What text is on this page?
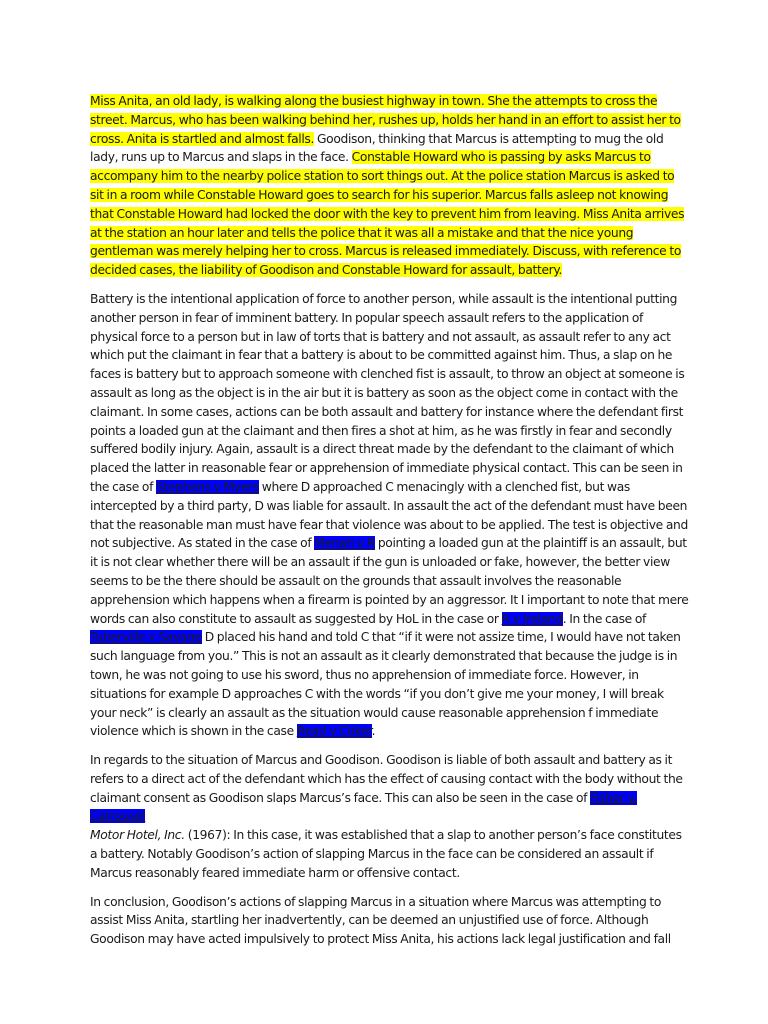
Miss Anita, an old lady, is walking along the busiest highway in town. She the attempts to cross the street. Marcus, who has been walking behind her, rushes up, holds her hand in an effort to assist her to cross. Anita is startled and almost falls. Goodison, thinking that Marcus is attempting to mug the old lady, runs up to Marcus and slaps in the face. Constable Howard who is passing by asks Marcus to accompany him to the nearby police station to sort things out. At the police station Marcus is asked to sit in a room while Constable Howard goes to search for his superior. Marcus falls asleep not knowing that Constable Howard had locked the door with the key to prevent him from leaving. Miss Anita arrives at the station an hour later and tells the police that it was all a mistake and that the nice young gentleman was merely helping her to cross. Marcus is released immediately. Discuss, with reference to decided cases, the liability of Goodison and Constable Howard for assault, battery.

Battery is the intentional application of force to another person, while assault is the intentional putting another person in fear of imminent battery. In popular speech assault refers to the application of physical force to a person but in law of torts that is battery and not assault, as assault refer to any act which put the claimant in fear that a battery is about to be committed against him. Thus, a slap on he faces is battery but to approach someone with clenched fist is assault, to throw an object at someone is assault as long as the object is in the air but it is battery as soon as the object come in contact with the claimant. In some cases, actions can be both assault and battery for instance where the defendant first points a loaded gun at the claimant and then fires a shot at him, as he was firstly in fear and secondly suffered bodily injury. Again, assault is a direct threat made by the defendant to the claimant of which placed the latter in reasonable fear or apprehension of immediate physical contact. This can be seen in the case of Stephens v Myers where D approached C menacingly with a clenched fist, but was intercepted by a third party, D was liable for assault. In assault the act of the defendant must have been that the reasonable man must have fear that violence was about to be applied. The test is objective and not subjective. As stated in the case of Menah v R pointing a loaded gun at the plaintiff is an assault, but it is not clear whether there will be an assault if the gun is unloaded or fake, however, the better view seems to be the there should be assault on the grounds that assault involves the reasonable apprehension which happens when a firearm is pointed by an aggressor. It I important to note that mere words can also constitute to assault as suggested by HoL in the case or R v Ireland. In the case of Tuberville v Savage D placed his hand and told C that “if it were not assize time, I would have not taken such language from you.” This is not an assault as it clearly demonstrated that because the judge is in town, he was not going to use his sword, thus no apprehension of immediate force. However, in situations for example D approaches C with the words “if you don’t give me your money, I will break your neck” is clearly an assault as the situation would cause reasonable apprehension f immediate violence which is shown in the case Read v Coker.

In regards to the situation of Marcus and Goodison. Goodison is liable of both assault and battery as it refers to a direct act of the defendant which has the effect of causing contact with the body without the claimant consent as Goodison slaps Marcus’s face. This can also be seen in the case of Fisher v. Carrousel
Motor Hotel, Inc. (1967): In this case, it was established that a slap to another person’s face constitutes a battery. Notably Goodison’s action of slapping Marcus in the face can be considered an assault if Marcus reasonably feared immediate harm or offensive contact.

In conclusion, Goodison’s actions of slapping Marcus in a situation where Marcus was attempting to assist Miss Anita, startling her inadvertently, can be deemed an unjustified use of force. Although Goodison may have acted impulsively to protect Miss Anita, his actions lack legal justification and fall
